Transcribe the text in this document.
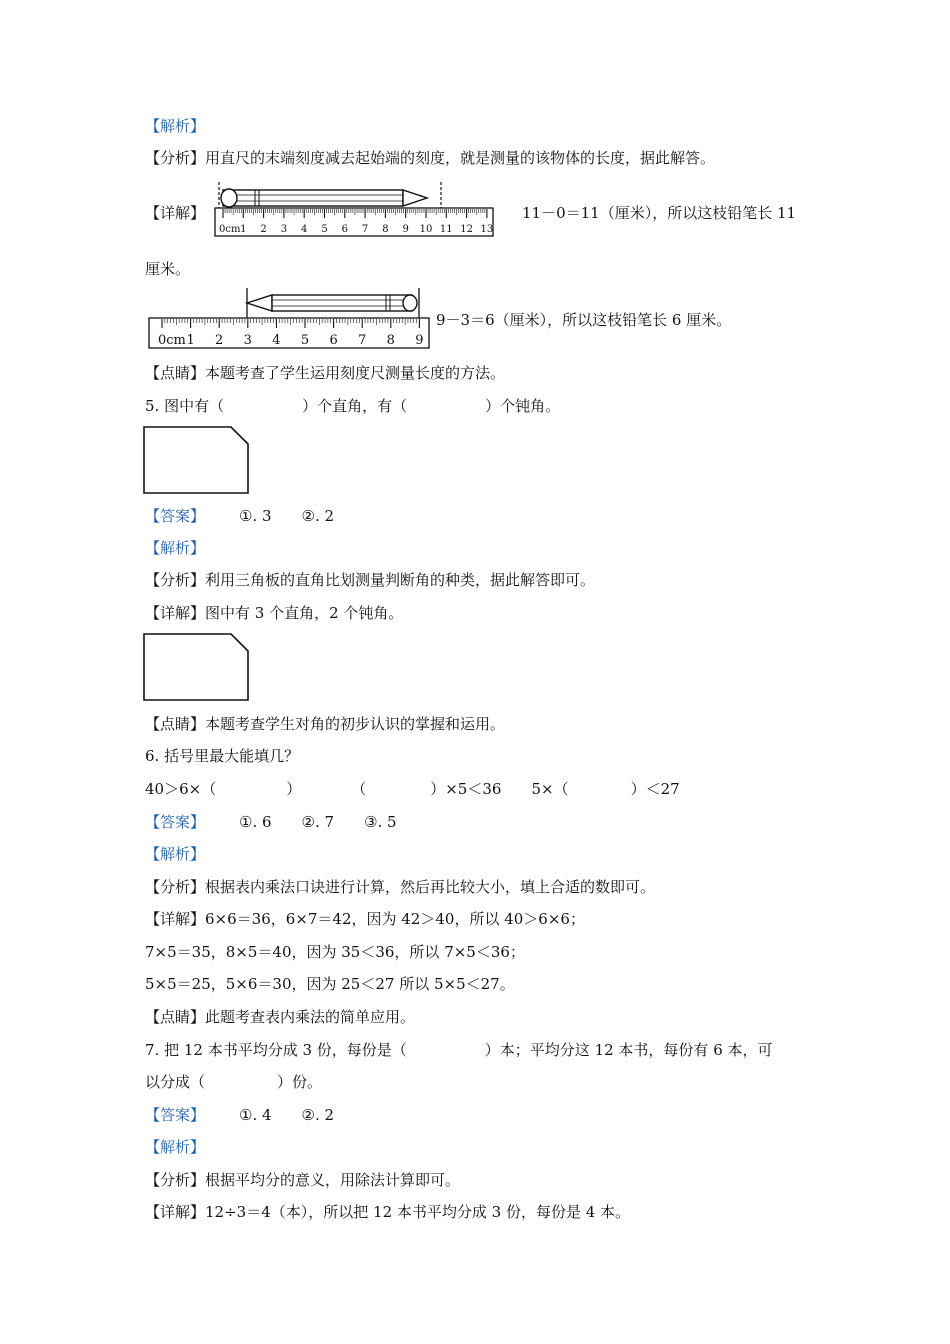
【解析】
【分析】用直尺的末端刻度减去起始端的刻度，就是测量的该物体的长度，据此解答。
【详解】
0cm 1 2 3 4 5 6 7 8 9 10 11 12 13
11－0＝11（厘米），所以这枝铅笔长 11
厘米。
0cm 1 2 3 4 5 6 7 8 9
9－3＝6（厘米），所以这枝铅笔长 6 厘米。
【点睛】本题考查了学生运用刻度尺测量长度的方法。
5. 图中有（	）个直角，有（	）个钝角。
【答案】 ①. 3 ②. 2
【解析】
【分析】利用三角板的直角比划测量判断角的种类，据此解答即可。
【详解】图中有 3 个直角，2 个钝角。
【点睛】本题考查学生对角的初步认识的掌握和运用。
6. 括号里最大能填几？
40＞6×（	）	（	）×5＜36 5×（	）＜27
【答案】 ①. 6 ②. 7 ③. 5
【解析】
【分析】根据表内乘法口诀进行计算，然后再比较大小，填上合适的数即可。
【详解】6×6＝36，6×7＝42，因为 42＞40，所以 40＞6×6；
7×5＝35，8×5＝40，因为 35＜36，所以 7×5＜36；
5×5＝25，5×6＝30，因为 25＜27 所以 5×5＜27。
【点睛】此题考查表内乘法的简单应用。
7. 把 12 本书平均分成 3 份，每份是（	）本；平均分这 12 本书，每份有 6 本，可
以分成（	）份。
【答案】 ①. 4 ②. 2
【解析】
【分析】根据平均分的意义，用除法计算即可。
【详解】12÷3＝4（本），所以把 12 本书平均分成 3 份，每份是 4 本。
